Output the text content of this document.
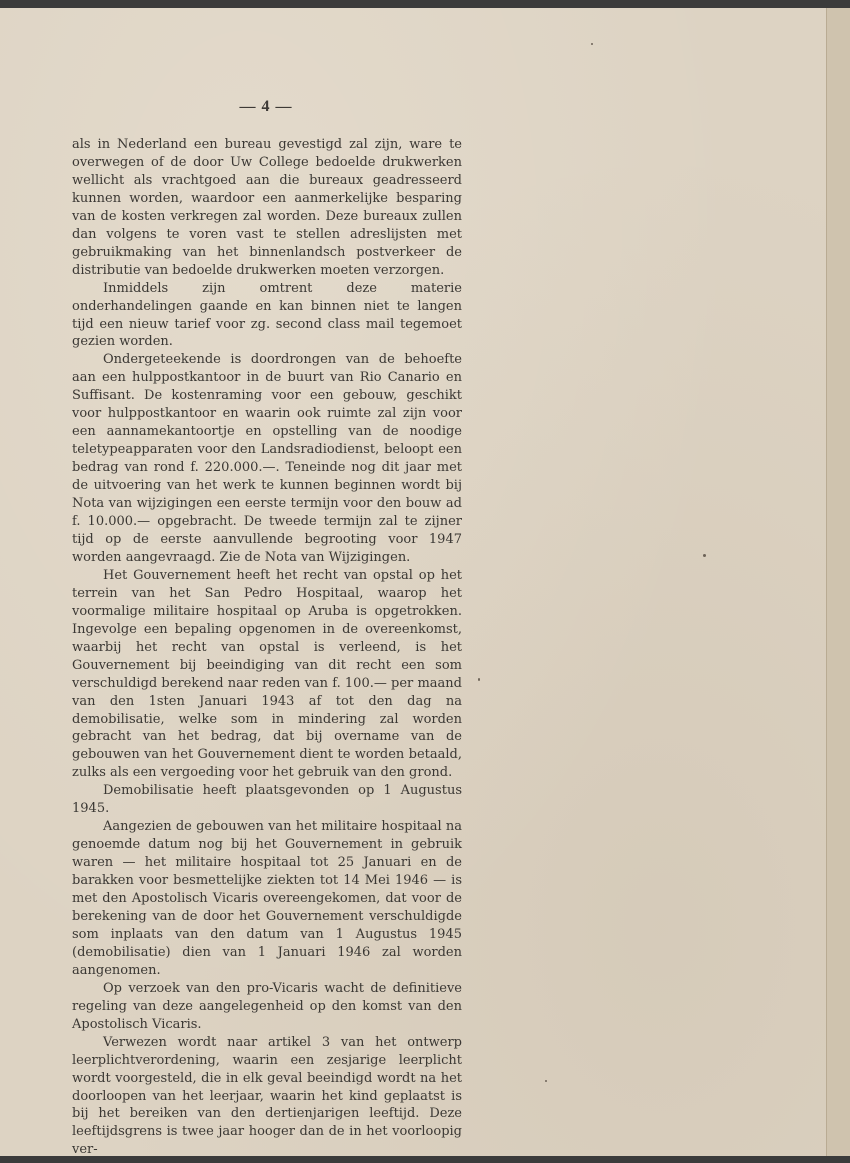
— 4 —

als in Nederland een bureau gevestigd zal zijn, ware te overwegen of de door Uw College bedoelde drukwerken wellicht als vrachtgoed aan die bureaux geadresseerd kunnen worden, waardoor een aanmerkelijke besparing van de kosten verkregen zal worden. Deze bureaux zullen dan volgens te voren vast te stellen adreslijsten met gebruikmaking van het binnenlandsch postverkeer de distributie van bedoelde drukwerken moeten verzorgen.

Inmiddels zijn omtrent deze materie onderhandelingen gaande en kan binnen niet te langen tijd een nieuw tarief voor zg. second class mail tegemoet gezien worden.

Ondergeteekende is doordrongen van de behoefte aan een hulppostkantoor in de buurt van Rio Canario en Suffisant. De kostenraming voor een gebouw, geschikt voor hulppostkantoor en waarin ook ruimte zal zijn voor een aannamekantoortje en opstelling van de noodige teletypeapparaten voor den Landsradiodienst, beloopt een bedrag van rond f. 220.000.—. Teneinde nog dit jaar met de uitvoering van het werk te kunnen beginnen wordt bij Nota van wijzigingen een eerste termijn voor den bouw ad f. 10.000.— opgebracht. De tweede termijn zal te zijner tijd op de eerste aanvullende begrooting voor 1947 worden aangevraagd. Zie de Nota van Wijzigingen.

Het Gouvernement heeft het recht van opstal op het terrein van het San Pedro Hospitaal, waarop het voormalige militaire hospitaal op Aruba is opgetrokken. Ingevolge een bepaling opgenomen in de overeenkomst, waarbij het recht van opstal is verleend, is het Gouvernement bij beeindiging van dit recht een som verschuldigd berekend naar reden van f. 100.— per maand van den 1sten Januari 1943 af tot den dag na demobilisatie, welke som in mindering zal worden gebracht van het bedrag, dat bij overname van de gebouwen van het Gouvernement dient te worden betaald, zulks als een vergoeding voor het gebruik van den grond.

Demobilisatie heeft plaatsgevonden op 1 Augustus 1945.

Aangezien de gebouwen van het militaire hospitaal na genoemde datum nog bij het Gouvernement in gebruik waren — het militaire hospitaal tot 25 Januari en de barakken voor besmettelijke ziekten tot 14 Mei 1946 — is met den Apostolisch Vicaris overeengekomen, dat voor de berekening van de door het Gouvernement verschuldigde som inplaats van den datum van 1 Augustus 1945 (demobilisatie) dien van 1 Januari 1946 zal worden aangenomen.

Op verzoek van den pro-Vicaris wacht de definitieve regeling van deze aangelegenheid op den komst van den Apostolisch Vicaris.

Verwezen wordt naar artikel 3 van het ontwerp leerplichtverordening, waarin een zesjarige leerplicht wordt voorgesteld, die in elk geval beeindigd wordt na het doorloopen van het leerjaar, waarin het kind geplaatst is bij het bereiken van den dertienjarigen leeftijd. Deze leeftijdsgrens is twee jaar hooger dan de in het voorloopig ver-
